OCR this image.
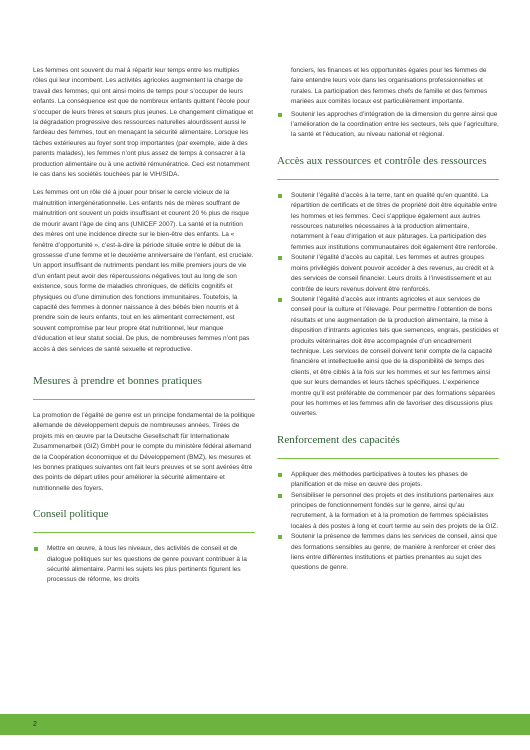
Les femmes ont souvent du mal à répartir leur temps entre les multiples rôles qui leur incombent. Les activités agricoles augmentent la charge de travail des femmes, qui ont ainsi moins de temps pour s’occuper de leurs enfants. La conséquence est que de nombreux enfants quittent l’école pour s’occuper de leurs frères et sœurs plus jeunes. Le changement climatique et la dégradation progressive des ressources naturelles alourdissent aussi le fardeau des femmes, tout en menaçant la sécurité alimentaire. Lorsque les tâches extérieures au foyer sont trop importantes (par exemple, aide à des parents malades), les femmes n’ont plus assez de temps à consacrer à la production alimentaire ou à une activité rémunératrice. Ceci est notamment le cas dans les sociétés touchées par le VIH/SIDA.

Les femmes ont un rôle clé à jouer pour briser le cercle vicieux de la malnutrition intergénérationnelle. Les enfants nés de mères souffrant de malnutrition ont souvent un poids insuffisant et courent 20 % plus de risque de mourir avant l’âge de cinq ans (UNICEF 2007). La santé et la nutrition des mères ont une incidence directe sur le bien-être des enfants. La « fenêtre d’opportunité », c’est-à-dire la période située entre le début de la grossesse d’une femme et le deuxième anniversaire de l’enfant, est cruciale. Un apport insuffisant de nutriments pendant les mille premiers jours de vie d’un enfant peut avoir des répercussions négatives tout au long de son existence, sous forme de maladies chroniques, de déficits cognitifs et physiques ou d’une diminution des fonctions immunitaires. Toutefois, la capacité des femmes à donner naissance à des bébés bien nourris et à prendre soin de leurs enfants, tout en les alimentant correctement, est souvent compromise par leur propre état nutritionnel, leur manque d’éducation et leur statut social. De plus, de nombreuses femmes n’ont pas accès à des services de santé sexuelle et reproductive.

Mesures à prendre et bonnes pratiques

La promotion de l’égalité de genre est un principe fondamental de la politique allemande de développement depuis de nombreuses années. Tirées de projets mis en œuvre par la Deutsche Gesellschaft für Internationale Zusammenarbeit (GIZ) GmbH pour le compte du ministère fédéral allemand de la Coopération économique et du Développement (BMZ), les mesures et les bonnes pratiques suivantes ont fait leurs preuves et se sont avérées être des points de départ utiles pour améliorer la sécurité alimentaire et nutritionnelle des foyers.

Conseil politique
Mettre en œuvre, à tous les niveaux, des activités de conseil et de dialogue politiques sur les questions de genre pouvant contribuer à la sécurité alimentaire. Parmi les sujets les plus pertinents figurent les processus de réforme, les droits

fonciers, les finances et les opportunités égales pour les femmes de faire entendre leurs voix dans les organisations professionnelles et rurales. La participation des femmes chefs de famille et des femmes mariées aux comités locaux est particulièrement importante.

Soutenir les approches d’intégration de la dimension du genre ainsi que l’amélioration de la coordination entre les secteurs, tels que l’agriculture, la santé et l’éducation, au niveau national et régional.
Accès aux ressources et contrôle des ressources
Soutenir l’égalité d’accès à la terre, tant en qualité qu’en quantité. La répartition de certificats et de titres de propriété doit être équitable entre les hommes et les femmes. Ceci s’applique également aux autres ressources naturelles nécessaires à la production alimentaire, notamment à l’eau d’irrigation et aux pâturages. La participation des femmes aux institutions communautaires doit également être renforcée.
Soutenir l’égalité d’accès au capital. Les femmes et autres groupes moins privilégiés doivent pouvoir accéder à des revenus, au crédit et à des services de conseil financier. Leurs droits à l’investissement et au contrôle de leurs revenus doivent être renforcés.
Soutenir l’égalité d’accès aux intrants agricoles et aux services de conseil pour la culture et l’élevage. Pour permettre l’obtention de bons résultats et une augmentation de la production alimentaire, la mise à disposition d’intrants agricoles tels que semences, engrais, pesticides et produits vétérinaires doit être accompagnée d’un encadrement technique. Les services de conseil doivent tenir compte de la capacité financière et intellectuelle ainsi que de la disponibilité de temps des clients, et être ciblés à la fois sur les hommes et sur les femmes ainsi que sur leurs demandes et leurs tâches spécifiques. L’expérience montre qu’il est préférable de commencer par des formations séparées pour les hommes et les femmes afin de favoriser des discussions plus ouvertes.
Renforcement des capacités
Appliquer des méthodes participatives à toutes les phases de planification et de mise en œuvre des projets.
Sensibiliser le personnel des projets et des institutions partenaires aux principes de fonctionnement fondés sur le genre, ainsi qu’au recrutement, à la formation et à la promotion de femmes spécialistes locales à des postes à long et court terme au sein des projets de la GIZ.
Soutenir la présence de femmes dans les services de conseil, ainsi que des formations sensibles au genre, de manière à renforcer et créer des liens entre différentes institutions et parties prenantes au sujet des questions de genre.
2
